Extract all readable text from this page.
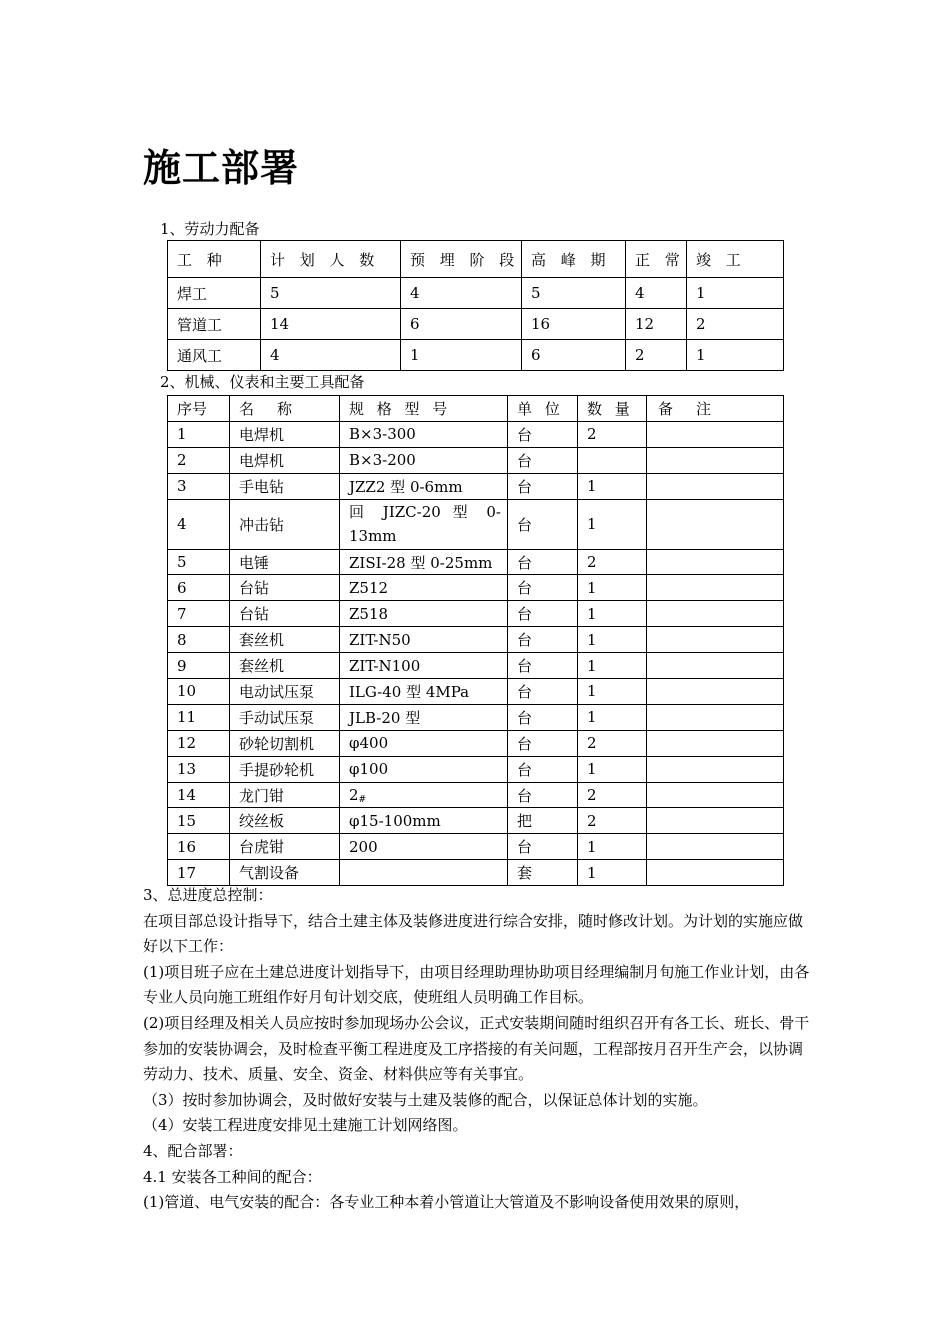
施工部署
1、劳动力配备
工 种	计 划 人 数	预 埋 阶 段	高 峰 期	正 常	竣 工
焊工	5	4	5	4	1
管道工	14	6	16	12	2
通风工	4	1	6	2	1
2、机械、仪表和主要工具配备
序号	名　称	规 格 型 号	单 位	数 量	备　注
1	电焊机	B×3-300	台	2	
2	电焊机	B×3-200	台		
3	手电钻	JZZ2 型 0-6mm	台	1	
4	冲击钻	回 JIZC-20 型 0-13mm	台	1	
5	电锤	ZISI-28 型 0-25mm	台	2	
6	台钻	Z512	台	1	
7	台钻	Z518	台	1	
8	套丝机	ZIT-N50	台	1	
9	套丝机	ZIT-N100	台	1	
10	电动试压泵	ILG-40 型 4MPa	台	1	
11	手动试压泵	JLB-20 型	台	1	
12	砂轮切割机	φ400	台	2	
13	手提砂轮机	φ100	台	1	
14	龙门钳	$2_{\#}$	台	2	
15	绞丝板	φ15-100mm	把	2	
16	台虎钳	200	台	1	
17	气割设备		套	1	

3、总进度总控制：

在项目部总设计指导下，结合土建主体及装修进度进行综合安排，随时修改计划。为计划的实施应做好以下工作：

(1)项目班子应在土建总进度计划指导下，由项目经理助理协助项目经理编制月旬施工作业计划，由各专业人员向施工班组作好月旬计划交底，使班组人员明确工作目标。

(2)项目经理及相关人员应按时参加现场办公会议，正式安装期间随时组织召开有各工长、班长、骨干参加的安装协调会，及时检查平衡工程进度及工序搭接的有关问题，工程部按月召开生产会，以协调劳动力、技术、质量、安全、资金、材料供应等有关事宜。

（3）按时参加协调会，及时做好安装与土建及装修的配合，以保证总体计划的实施。

（4）安装工程进度安排见土建施工计划网络图。

4、配合部署：

4.1 安装各工种间的配合：

(1)管道、电气安装的配合：各专业工种本着小管道让大管道及不影响设备使用效果的原则，
